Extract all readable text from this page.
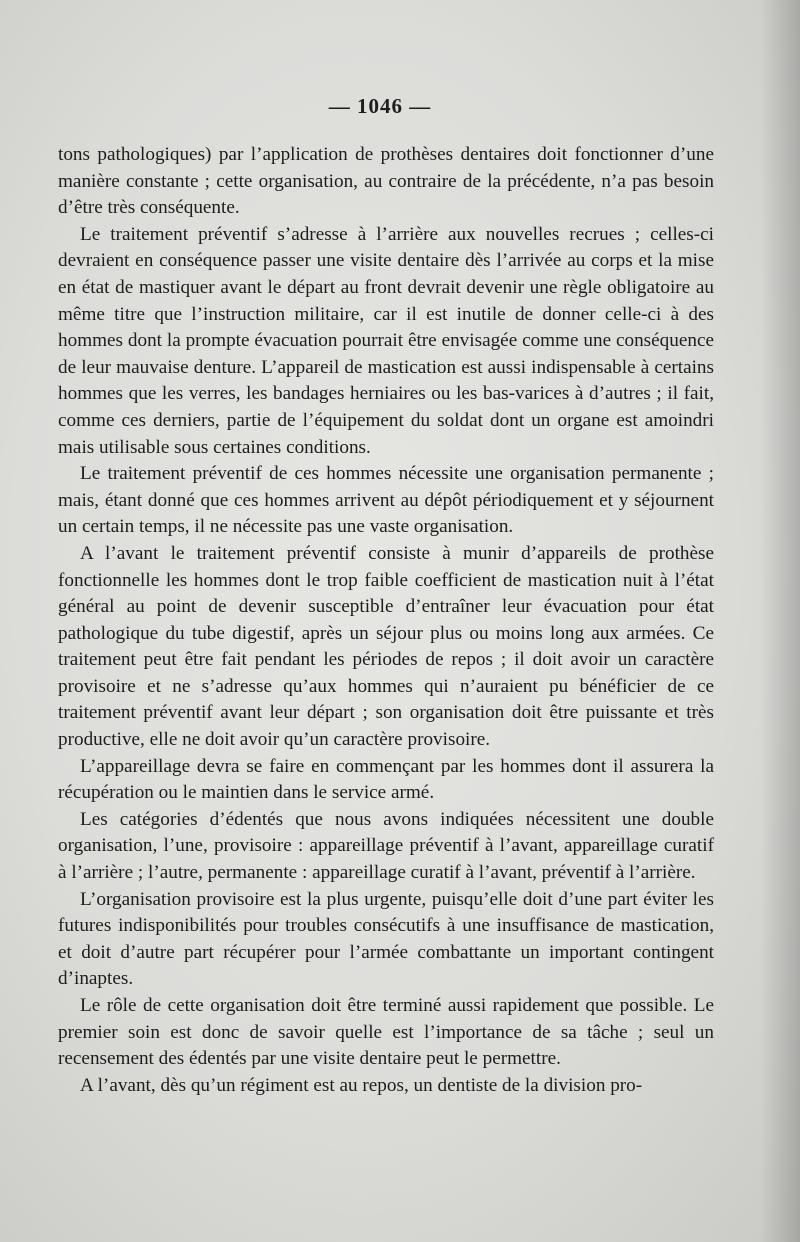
— 1046 —

tons pathologiques) par l’application de prothèses dentaires doit fonctionner d’une manière constante ; cette organisation, au contraire de la précédente, n’a pas besoin d’être très conséquente.

Le traitement préventif s’adresse à l’arrière aux nouvelles recrues ; celles-ci devraient en conséquence passer une visite dentaire dès l’arrivée au corps et la mise en état de mastiquer avant le départ au front devrait devenir une règle obligatoire au même titre que l’instruction militaire, car il est inutile de donner celle-ci à des hommes dont la prompte évacuation pourrait être envisagée comme une conséquence de leur mauvaise denture. L’appareil de mastication est aussi indispensable à certains hommes que les verres, les bandages herniaires ou les bas-varices à d’autres ; il fait, comme ces derniers, partie de l’équipement du soldat dont un organe est amoindri mais utilisable sous certaines conditions.

Le traitement préventif de ces hommes nécessite une organisation permanente ; mais, étant donné que ces hommes arrivent au dépôt périodiquement et y séjournent un certain temps, il ne nécessite pas une vaste organisation.

A l’avant le traitement préventif consiste à munir d’appareils de prothèse fonctionnelle les hommes dont le trop faible coefficient de mastication nuit à l’état général au point de devenir susceptible d’entraîner leur évacuation pour état pathologique du tube digestif, après un séjour plus ou moins long aux armées. Ce traitement peut être fait pendant les périodes de repos ; il doit avoir un caractère provisoire et ne s’adresse qu’aux hommes qui n’auraient pu bénéficier de ce traitement préventif avant leur départ ; son organisation doit être puissante et très productive, elle ne doit avoir qu’un caractère provisoire.

L’appareillage devra se faire en commençant par les hommes dont il assurera la récupération ou le maintien dans le service armé.

Les catégories d’édentés que nous avons indiquées nécessitent une double organisation, l’une, provisoire : appareillage préventif à l’avant, appareillage curatif à l’arrière ; l’autre, permanente : appareillage curatif à l’avant, préventif à l’arrière.

L’organisation provisoire est la plus urgente, puisqu’elle doit d’une part éviter les futures indisponibilités pour troubles consécutifs à une insuffisance de mastication, et doit d’autre part récupérer pour l’armée combattante un important contingent d’inaptes.

Le rôle de cette organisation doit être terminé aussi rapidement que possible. Le premier soin est donc de savoir quelle est l’importance de sa tâche ; seul un recensement des édentés par une visite dentaire peut le permettre.

A l’avant, dès qu’un régiment est au repos, un dentiste de la division pro-
